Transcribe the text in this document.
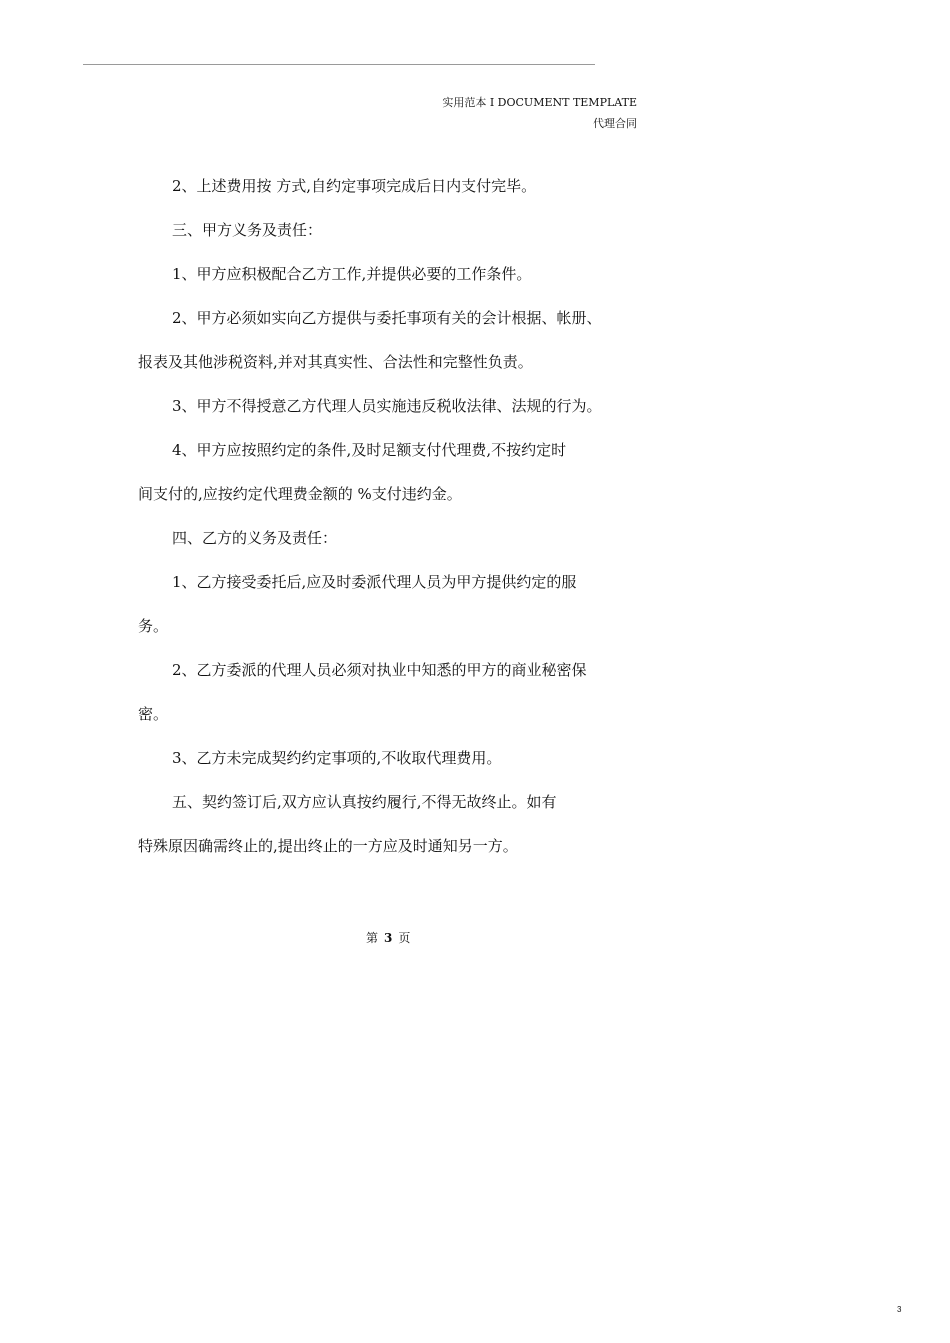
实用范本 I DOCUMENT TEMPLATE
代理合同
2、上述费用按 方式,自约定事项完成后日内支付完毕。
三、甲方义务及责任：
1、甲方应积极配合乙方工作,并提供必要的工作条件。
2、甲方必须如实向乙方提供与委托事项有关的会计根据、帐册、
报表及其他涉税资料,并对其真实性、合法性和完整性负责。
3、甲方不得授意乙方代理人员实施违反税收法律、法规的行为。
4、甲方应按照约定的条件,及时足额支付代理费,不按约定时
间支付的,应按约定代理费金额的 %支付违约金。
四、乙方的义务及责任：
1、乙方接受委托后,应及时委派代理人员为甲方提供约定的服
务。
2、乙方委派的代理人员必须对执业中知悉的甲方的商业秘密保
密。
3、乙方未完成契约约定事项的,不收取代理费用。
五、契约签订后,双方应认真按约履行,不得无故终止。如有
特殊原因确需终止的,提出终止的一方应及时通知另一方。
第 3 页
3
